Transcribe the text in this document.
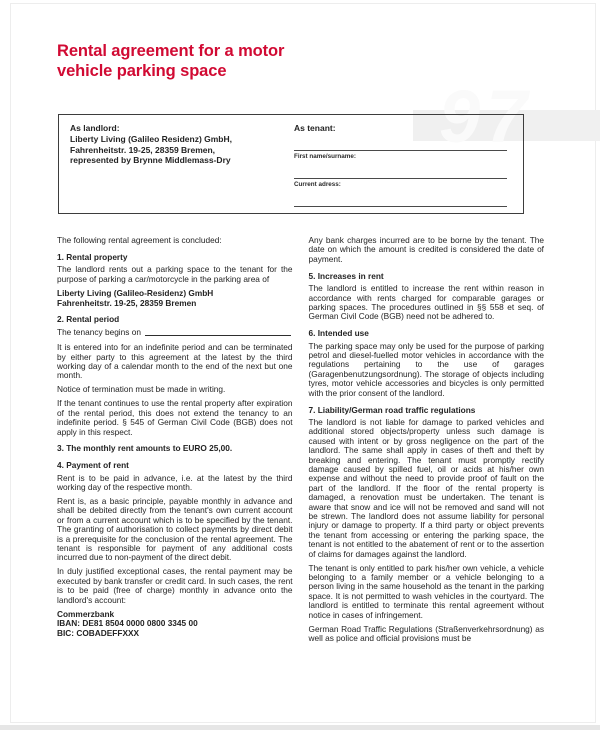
97
Rental agreement for a motor
vehicle parking space
As landlord:
Liberty Living (Galileo Residenz) GmbH,
Fahrenheitstr. 19-25, 28359 Bremen,
represented by Brynne Middlemass-Dry
As tenant:
First name/surname:
Current adress:

The following rental agreement is concluded:

1. Rental property

The landlord rents out a parking space to the tenant for the purpose of parking a car/motorcycle in the parking area of

Liberty Living (Galileo-Residenz) GmbH
Fahrenheitstr. 19-25, 28359 Bremen
2. Rental period
The tenancy begins on

It is entered into for an indefinite period and can be terminated by either party to this agreement at the latest by the third working day of a calendar month to the end of the next but one month.

Notice of termination must be made in writing.

If the tenant continues to use the rental property after expiration of the rental period, this does not extend the tenancy to an indefinite period. § 545 of German Civil Code (BGB) does not apply in this respect.

3. The monthly rent amounts to EURO 25,00.
4. Payment of rent

Rent is to be paid in advance, i.e. at the latest by the third working day of the respective month.

Rent is, as a basic principle, payable monthly in advance and shall be debited directly from the tenant's own current account or from a current account which is to be specified by the tenant. The granting of authorisation to collect payments by direct debit is a prerequisite for the conclusion of the rental agreement. The tenant is responsible for payment of any additional costs incurred due to non-payment of the direct debit.

In duly justified exceptional cases, the rental payment may be executed by bank transfer or credit card. In such cases, the rent is to be paid (free of charge) monthly in advance onto the landlord's account:

Commerzbank
IBAN: DE81 8504 0000 0800 3345 00
BIC: COBADEFFXXX

Any bank charges incurred are to be borne by the tenant. The date on which the amount is credited is considered the date of payment.

5. Increases in rent

The landlord is entitled to increase the rent within reason in accordance with rents charged for comparable garages or parking spaces. The procedures outlined in §§ 558 et seq. of German Civil Code (BGB) need not be adhered to.

6. Intended use

The parking space may only be used for the purpose of parking petrol and diesel-fuelled motor vehicles in accordance with the regulations pertaining to the use of garages (Garagenbenutzungsordnung). The storage of objects including tyres, motor vehicle accessories and bicycles is only permitted with the prior consent of the landlord.

7. Liability/German road traffic regulations

The landlord is not liable for damage to parked vehicles and additional stored objects/property unless such damage is caused with intent or by gross negligence on the part of the landlord. The same shall apply in cases of theft and theft by breaking and entering. The tenant must promptly rectify damage caused by spilled fuel, oil or acids at his/her own expense and without the need to provide proof of fault on the part of the landlord. If the floor of the rental property is damaged, a renovation must be undertaken. The tenant is aware that snow and ice will not be removed and sand will not be strewn. The landlord does not assume liability for personal injury or damage to property. If a third party or object prevents the tenant from accessing or entering the parking space, the tenant is not entitled to the abatement of rent or to the assertion of claims for damages against the landlord.

The tenant is only entitled to park his/her own vehicle, a vehicle belonging to a family member or a vehicle belonging to a person living in the same household as the tenant in the parking space. It is not permitted to wash vehicles in the courtyard. The landlord is entitled to terminate this rental agreement without notice in cases of infringement.

German Road Traffic Regulations (Straßenverkehrsordnung) as well as police and official provisions must be
